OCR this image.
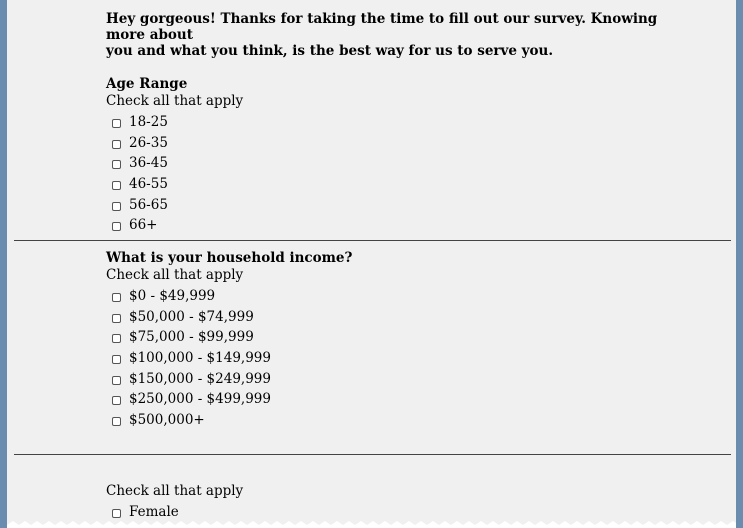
Hey gorgeous! Thanks for taking the time to fill out our survey. Knowing more about
you and what you think, is the best way for us to serve you.

Age Range

Check all that apply

18-25
26-35
36-45
46-55
56-65
66+

What is your household income?

Check all that apply

$0 - $49,999
$50,000 - $74,999
$75,000 - $99,999
$100,000 - $149,999
$150,000 - $249,999
$250,000 - $499,999
$500,000+

Check all that apply

Female
